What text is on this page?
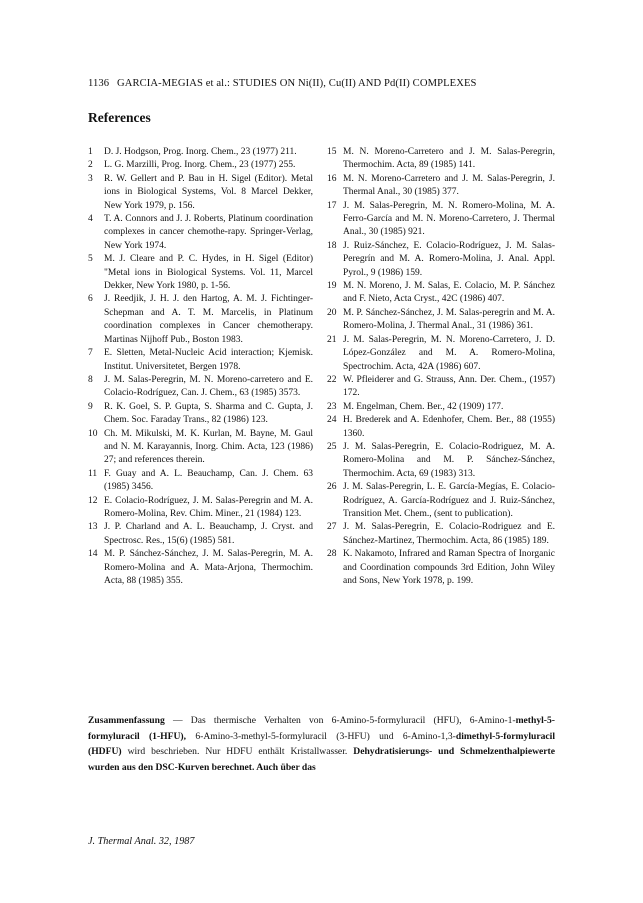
1136 GARCIA-MEGIAS et al.: STUDIES ON Ni(II), Cu(II) AND Pd(II) COMPLEXES
References
1	D. J. Hodgson, Prog. Inorg. Chem., 23 (1977) 211.
2	L. G. Marzilli, Prog. Inorg. Chem., 23 (1977) 255.
3	R. W. Gellert and P. Bau in H. Sigel (Editor). Metal ions in Biological Systems, Vol. 8 Marcel Dekker, New York 1979, p. 156.
4	T. A. Connors and J. J. Roberts, Platinum coordination complexes in cancer chemothe-rapy. Springer-Verlag, New York 1974.
5	M. J. Cleare and P. C. Hydes, in H. Sigel (Editor) "Metal ions in Biological Systems. Vol. 11, Marcel Dekker, New York 1980, p. 1-56.
6	J. Reedjik, J. H. J. den Hartog, A. M. J. Fichtinger-Schepman and A. T. M. Marcelis, in Platinum coordination complexes in Cancer chemotherapy. Martinas Nijhoff Pub., Boston 1983.
7	E. Sletten, Metal-Nucleic Acid interaction; Kjemisk. Institut. Universitetet, Bergen 1978.
8	J. M. Salas-Peregrin, M. N. Moreno-carretero and E. Colacio-Rodríguez, Can. J. Chem., 63 (1985) 3573.
9	R. K. Goel, S. P. Gupta, S. Sharma and C. Gupta, J. Chem. Soc. Faraday Trans., 82 (1986) 123.
10 Ch. M. Mikulski, M. K. Kurlan, M. Bayne, M. Gaul and N. M. Karayannis, Inorg. Chim. Acta, 123 (1986) 27; and references therein.
11 F. Guay and A. L. Beauchamp, Can. J. Chem. 63 (1985) 3456.
12 E. Colacio-Rodríguez, J. M. Salas-Peregrin and M. A. Romero-Molina, Rev. Chim. Miner., 21 (1984) 123.
13 J. P. Charland and A. L. Beauchamp, J. Cryst. and Spectrosc. Res., 15(6) (1985) 581.
14 M. P. Sánchez-Sánchez, J. M. Salas-Peregrin, M. A. Romero-Molina and A. Mata-Arjona, Thermochim. Acta, 88 (1985) 355.
15 M. N. Moreno-Carretero and J. M. Salas-Peregrin, Thermochim. Acta, 89 (1985) 141.
16 M. N. Moreno-Carretero and J. M. Salas-Peregrin, J. Thermal Anal., 30 (1985) 377.
17 J. M. Salas-Peregrin, M. N. Romero-Molina, M. A. Ferro-García and M. N. Moreno-Carretero, J. Thermal Anal., 30 (1985) 921.
18 J. Ruiz-Sánchez, E. Colacio-Rodríguez, J. M. Salas-Peregrín and M. A. Romero-Molina, J. Anal. Appl. Pyrol., 9 (1986) 159.
19 M. N. Moreno, J. M. Salas, E. Colacio, M. P. Sánchez and F. Nieto, Acta Cryst., 42C (1986) 407.
20 M. P. Sánchez-Sánchez, J. M. Salas-peregrin and M. A. Romero-Molina, J. Thermal Anal., 31 (1986) 361.
21 J. M. Salas-Peregrin, M. N. Moreno-Carretero, J. D. López-González and M. A. Romero-Molina, Spectrochim. Acta, 42A (1986) 607.
22 W. Pfleiderer and G. Strauss, Ann. Der. Chem., (1957) 172.
23 M. Engelman, Chem. Ber., 42 (1909) 177.
24 H. Brederek and A. Edenhofer, Chem. Ber., 88 (1955) 1360.
25 J. M. Salas-Peregrin, E. Colacio-Rodriguez, M. A. Romero-Molina and M. P. Sánchez-Sánchez, Thermochim. Acta, 69 (1983) 313.
26 J. M. Salas-Peregrin, L. E. García-Megías, E. Colacio-Rodríguez, A. García-Rodríguez and J. Ruiz-Sánchez, Transition Met. Chem., (sent to publication).
27 J. M. Salas-Peregrin, E. Colacio-Rodriguez and E. Sánchez-Martinez, Thermochim. Acta, 86 (1985) 189.
28 K. Nakamoto, Infrared and Raman Spectra of Inorganic and Coordination compounds 3rd Edition, John Wiley and Sons, New York 1978, p. 199.
Zusammenfassung — Das thermische Verhalten von 6-Amino-5-formyluracil (HFU), 6-Amino-1-methyl-5-formyluracil (1-HFU), 6-Amino-3-methyl-5-formyluracil (3-HFU) und 6-Amino-1,3-dimethyl-5-formyluracil (HDFU) wird beschrieben. Nur HDFU enthält Kristallwasser. Dehydratisierungs- und Schmelzenthalpiewerte wurden aus den DSC-Kurven berechnet. Auch über das
J. Thermal Anal. 32, 1987
